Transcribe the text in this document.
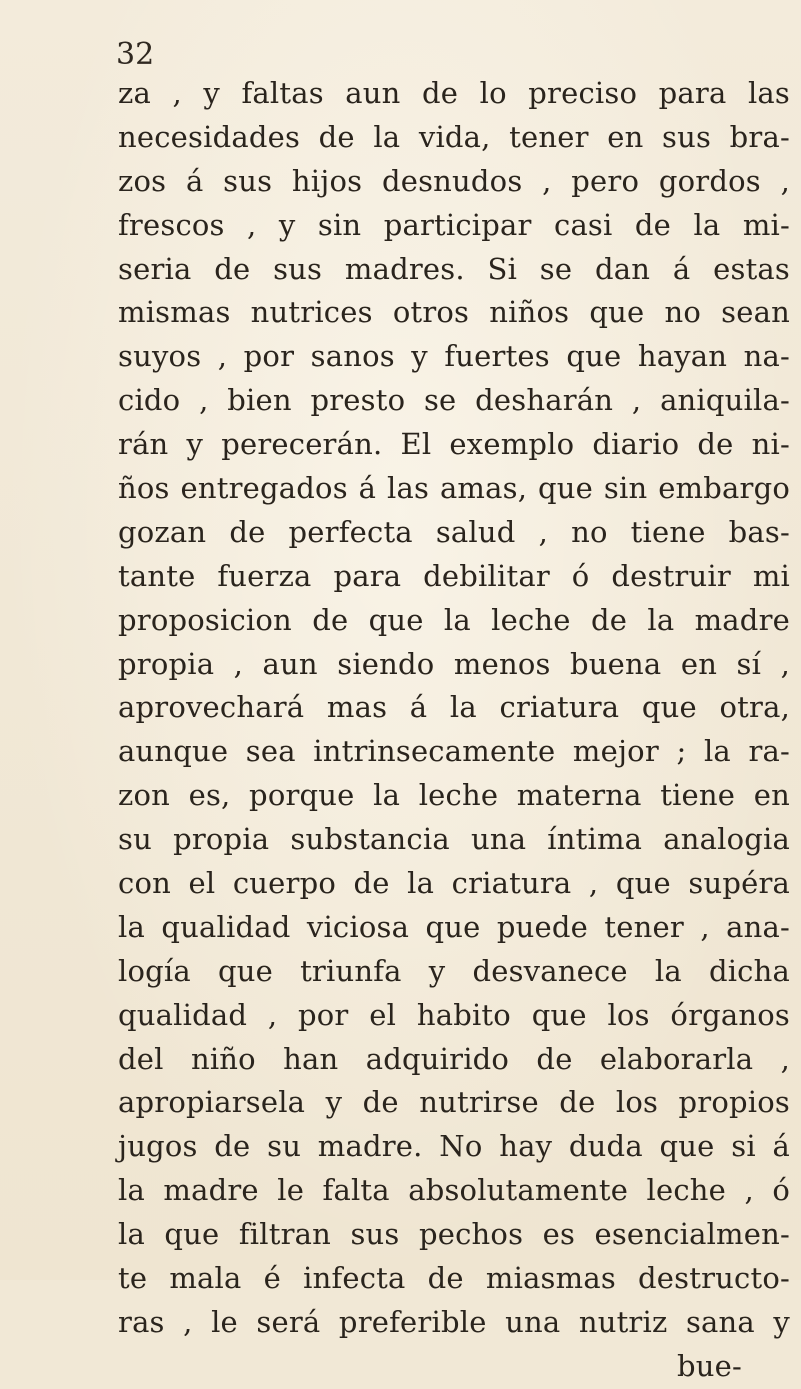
32
za , y faltas aun de lo preciso para las
necesidades de la vida, tener en sus bra-
zos á sus hijos desnudos , pero gordos ,
frescos , y sin participar casi de la mi-
seria de sus madres. Si se dan á estas
mismas nutrices otros niños que no sean
suyos , por sanos y fuertes que hayan na-
cido , bien presto se desharán , aniquila-
rán y perecerán. El exemplo diario de ni-
ños entregados á las amas, que sin embargo
gozan de perfecta salud , no tiene bas-
tante fuerza para debilitar ó destruir mi
proposicion de que la leche de la madre
propia , aun siendo menos buena en sí ,
aprovechará mas á la criatura que otra,
aunque sea intrinsecamente mejor ; la ra-
zon es, porque la leche materna tiene en
su propia substancia una íntima analogia
con el cuerpo de la criatura , que supéra
la qualidad viciosa que puede tener , ana-
logía que triunfa y desvanece la dicha
qualidad , por el habito que los órganos
del niño han adquirido de elaborarla ,
apropiarsela y de nutrirse de los propios
jugos de su madre. No hay duda que si á
la madre le falta absolutamente leche , ó
la que filtran sus pechos es esencialmen-
te mala é infecta de miasmas destructo-
ras , le será preferible una nutriz sana y
bue-
